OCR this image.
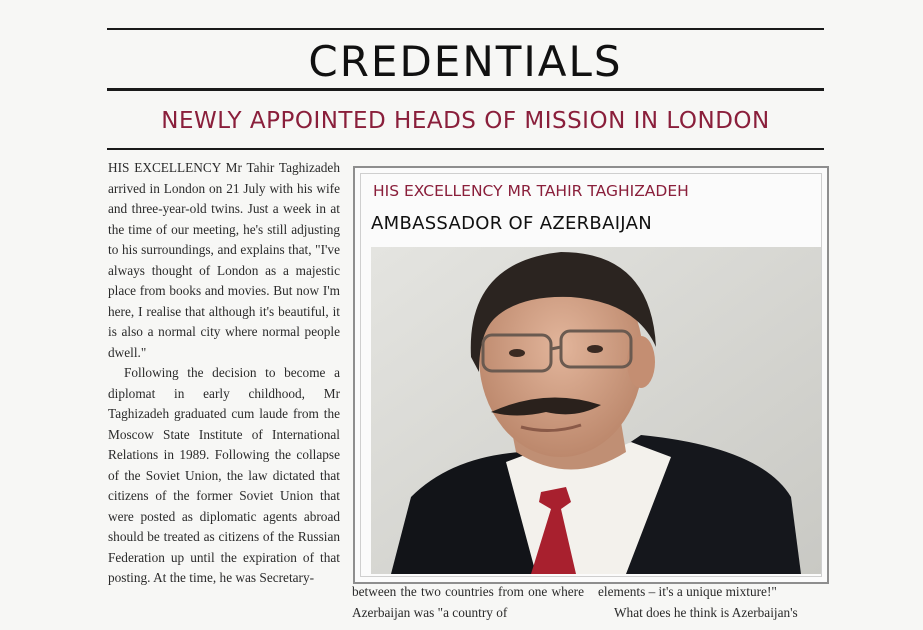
CREDENTIALS
NEWLY APPOINTED HEADS OF MISSION IN LONDON

HIS EXCELLENCY Mr Tahir Taghizadeh arrived in London on 21 July with his wife and three-year-old twins. Just a week in at the time of our meeting, he's still adjusting to his surroundings, and explains that, "I've always thought of London as a majestic place from books and movies. But now I'm here, I realise that although it's beautiful, it is also a normal city where normal people dwell."

Following the decision to become a diplomat in early childhood, Mr Taghizadeh graduated cum laude from the Moscow State Institute of International Relations in 1989. Following the collapse of the Soviet Union, the law dictated that citizens of the former Soviet Union that were posted as diplomatic agents abroad should be treated as citizens of the Russian Federation up until the expiration of that posting. At the time, he was Secretary-

HIS EXCELLENCY MR TAHIR TAGHIZADEH
AMBASSADOR OF AZERBAIJAN

between the two countries from one where Azerbaijan was "a country of

elements – it's a unique mixture!"

What does he think is Azerbaijan's
